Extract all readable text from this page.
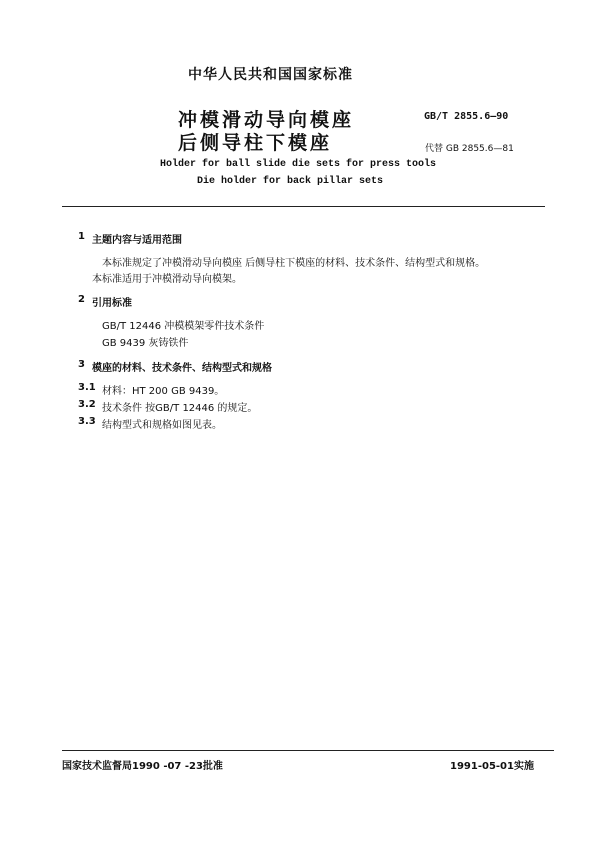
中华人民共和国国家标准
冲模滑动导向模座
后侧导柱下模座
GB/T 2855.6—90
代替 GB 2855.6—81
Holder for ball slide die sets for press tools
Die holder for back pillar sets
1 主题内容与适用范围
本标准规定了冲模滑动导向模座 后侧导柱下模座的材料、技术条件、结构型式和规格。
本标准适用于冲模滑动导向模架。
2 引用标准
GB/T 12446 冲模模架零件技术条件
GB 9439 灰铸铁件
3 模座的材料、技术条件、结构型式和规格
3.1 材料：HT 200 GB 9439。
3.2 技术条件 按GB/T 12446 的规定。
3.3 结构型式和规格如图见表。
国家技术监督局1990 -07 -23批准	1991-05-01实施
